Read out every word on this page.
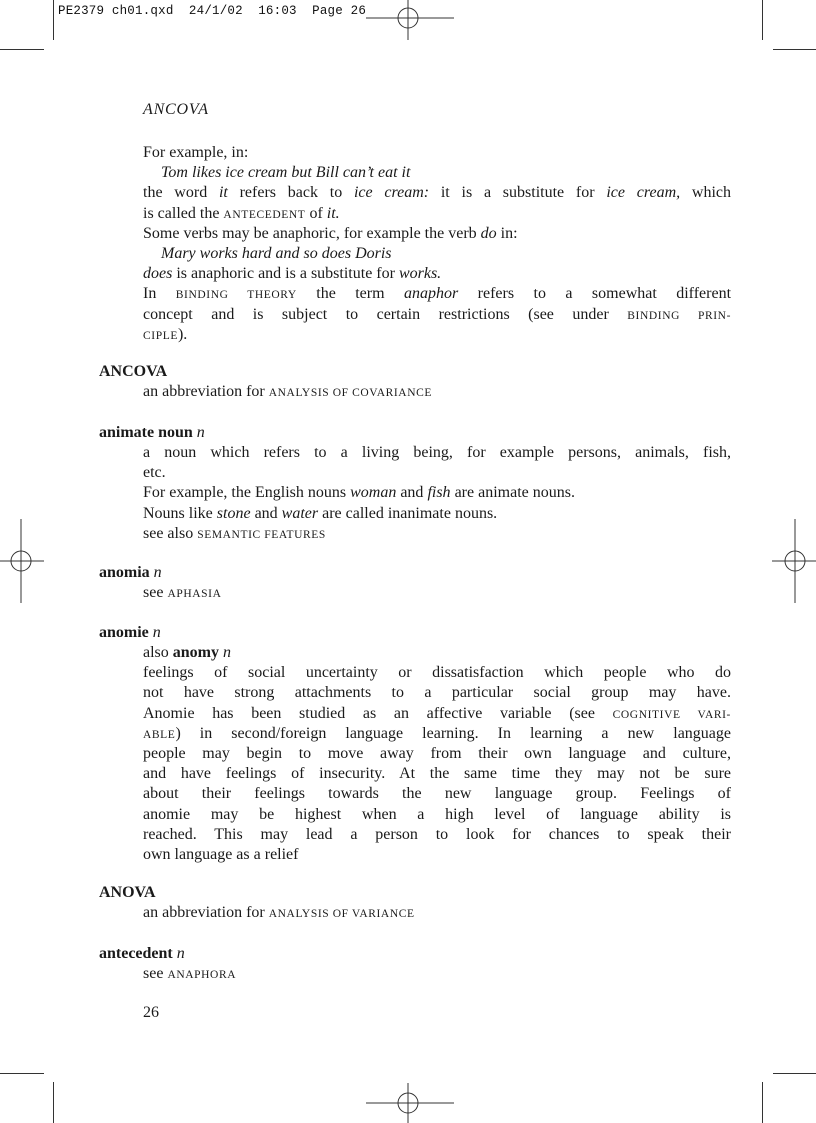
PE2379 ch01.qxd  24/1/02  16:03  Page 26
ANCOVA
For example, in:
Tom likes ice cream but Bill can’t eat it
the word it refers back to ice cream: it is a substitute for ice cream, which
is called the ANTECEDENT of it.
Some verbs may be anaphoric, for example the verb do in:
Mary works hard and so does Doris
does is anaphoric and is a substitute for works.
In BINDING THEORY the term anaphor refers to a somewhat different
concept and is subject to certain restrictions (see under BINDING PRIN-
CIPLE).
ANCOVA
an abbreviation for ANALYSIS OF COVARIANCE
animate noun n
a noun which refers to a living being, for example persons, animals, fish,
etc.
For example, the English nouns woman and fish are animate nouns.
Nouns like stone and water are called inanimate nouns.
see also SEMANTIC FEATURES
anomia n
see APHASIA
anomie n
also anomy n
feelings of social uncertainty or dissatisfaction which people who do
not have strong attachments to a particular social group may have.
Anomie has been studied as an affective variable (see COGNITIVE VARI-
ABLE) in second/foreign language learning. In learning a new language
people may begin to move away from their own language and culture,
and have feelings of insecurity. At the same time they may not be sure
about their feelings towards the new language group. Feelings of
anomie may be highest when a high level of language ability is
reached. This may lead a person to look for chances to speak their
own language as a relief
ANOVA
an abbreviation for ANALYSIS OF VARIANCE
antecedent n
see ANAPHORA
26
